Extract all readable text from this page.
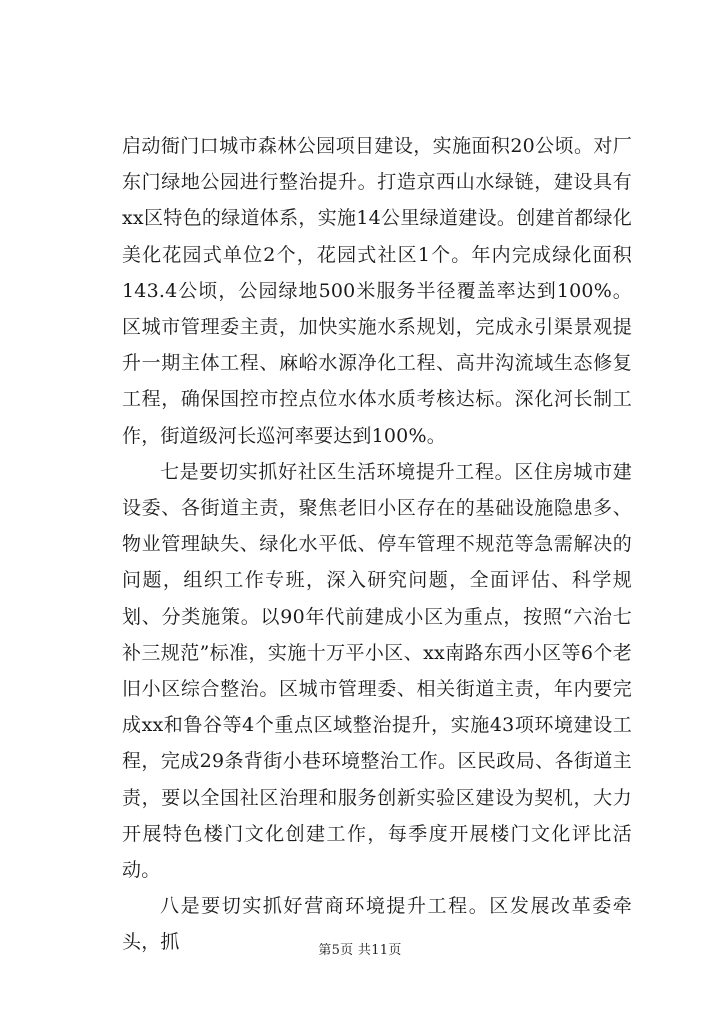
启动衙门口城市森林公园项目建设，实施面积20公顷。对厂东门绿地公园进行整治提升。打造京西山水绿链，建设具有xx区特色的绿道体系，实施14公里绿道建设。创建首都绿化美化花园式单位2个，花园式社区1个。年内完成绿化面积143.4公顷，公园绿地500米服务半径覆盖率达到100%。区城市管理委主责，加快实施水系规划，完成永引渠景观提升一期主体工程、麻峪水源净化工程、高井沟流域生态修复工程，确保国控市控点位水体水质考核达标。深化河长制工作，街道级河长巡河率要达到100%。

七是要切实抓好社区生活环境提升工程。区住房城市建设委、各街道主责，聚焦老旧小区存在的基础设施隐患多、物业管理缺失、绿化水平低、停车管理不规范等急需解决的问题，组织工作专班，深入研究问题，全面评估、科学规划、分类施策。以90年代前建成小区为重点，按照“六治七补三规范”标准，实施十万平小区、xx南路东西小区等6个老旧小区综合整治。区城市管理委、相关街道主责，年内要完成xx和鲁谷等4个重点区域整治提升，实施43项环境建设工程，完成29条背街小巷环境整治工作。区民政局、各街道主责，要以全国社区治理和服务创新实验区建设为契机，大力开展特色楼门文化创建工作，每季度开展楼门文化评比活动。

八是要切实抓好营商环境提升工程。区发展改革委牵头，抓	第5页 共11页
